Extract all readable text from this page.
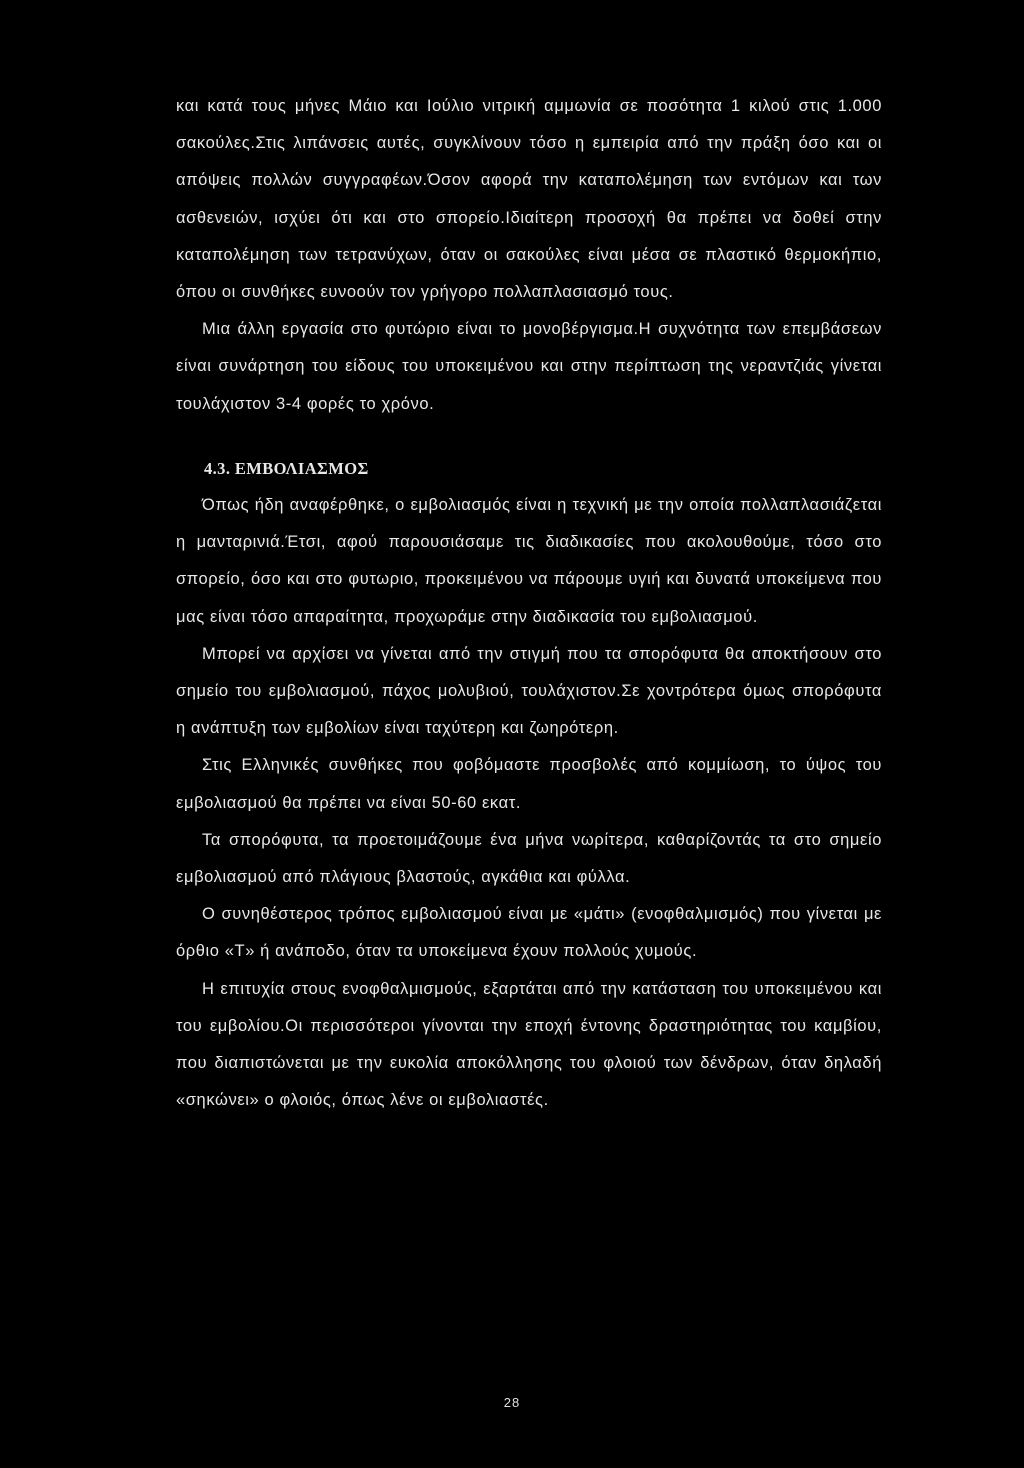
και κατά τους μήνες Μάιο και Ιούλιο νιτρική αμμωνία σε ποσότητα 1 κιλού στις 1.000 σακούλες.Στις λιπάνσεις αυτές, συγκλίνουν τόσο η εμπειρία από την πράξη όσο και οι απόψεις πολλών συγγραφέων.Όσον αφορά την καταπολέμηση των εντόμων και των ασθενειών, ισχύει ότι και στο σπορείο.Ιδιαίτερη προσοχή θα πρέπει να δοθεί στην καταπολέμηση των τετρανύχων, όταν οι σακούλες είναι μέσα σε πλαστικό θερμοκήπιο, όπου οι συνθήκες ευνοούν τον γρήγορο πολλαπλασιασμό τους.

Μια άλλη εργασία στο φυτώριο είναι το μονοβέργισμα.Η συχνότητα των επεμβάσεων είναι συνάρτηση του είδους του υποκειμένου και στην περίπτωση της νεραντζιάς γίνεται τουλάχιστον 3-4 φορές το χρόνο.

4.3. ΕΜΒΟΛΙΑΣΜΟΣ

Όπως ήδη αναφέρθηκε, ο εμβολιασμός είναι η τεχνική με την οποία πολλαπλασιάζεται η μανταρινιά.Έτσι, αφού παρουσιάσαμε τις διαδικασίες που ακολουθούμε, τόσο στο σπορείο, όσο και στο φυτωριο, προκειμένου να πάρουμε υγιή και δυνατά υποκείμενα που μας είναι τόσο απαραίτητα, προχωράμε στην διαδικασία του εμβολιασμού.

Μπορεί να αρχίσει να γίνεται από την στιγμή που τα σπορόφυτα θα αποκτήσουν στο σημείο του εμβολιασμού, πάχος μολυβιού, τουλάχιστον.Σε χοντρότερα όμως σπορόφυτα η ανάπτυξη των εμβολίων είναι ταχύτερη και ζωηρότερη.

Στις Ελληνικές συνθήκες που φοβόμαστε προσβολές από κομμίωση, το ύψος του εμβολιασμού θα πρέπει να είναι 50-60 εκατ.

Τα σπορόφυτα, τα προετοιμάζουμε ένα μήνα νωρίτερα, καθαρίζοντάς τα στο σημείο εμβολιασμού από πλάγιους βλαστούς, αγκάθια και φύλλα.

Ο συνηθέστερος τρόπος εμβολιασμού είναι με «μάτι» (ενοφθαλμισμός) που γίνεται με όρθιο «Τ» ή ανάποδο, όταν τα υποκείμενα έχουν πολλούς χυμούς.

Η επιτυχία στους ενοφθαλμισμούς, εξαρτάται από την κατάσταση του υποκειμένου και του εμβολίου.Οι περισσότεροι γίνονται την εποχή έντονης δραστηριότητας του καμβίου, που διαπιστώνεται με την ευκολία αποκόλλησης του φλοιού των δένδρων, όταν δηλαδή «σηκώνει» ο φλοιός, όπως λένε οι εμβολιαστές.

28
